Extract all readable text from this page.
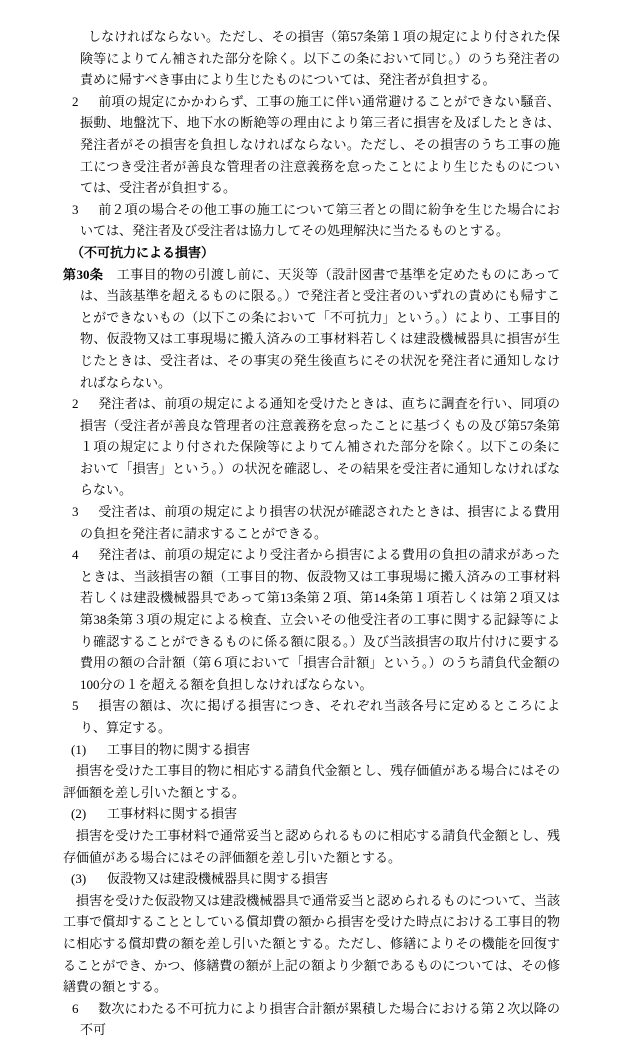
しなければならない。ただし、その損害（第57条第１項の規定により付された保険等によりてん補された部分を除く。以下この条において同じ。）のうち発注者の責めに帰すべき事由により生じたものについては、発注者が負担する。
2 前項の規定にかかわらず、工事の施工に伴い通常避けることができない騒音、振動、地盤沈下、地下水の断絶等の理由により第三者に損害を及ぼしたときは、発注者がその損害を負担しなければならない。ただし、その損害のうち工事の施工につき受注者が善良な管理者の注意義務を怠ったことにより生じたものについては、受注者が負担する。
3 前２項の場合その他工事の施工について第三者との間に紛争を生じた場合においては、発注者及び受注者は協力してその処理解決に当たるものとする。
（不可抗力による損害）
第30条 工事目的物の引渡し前に、天災等（設計図書で基準を定めたものにあっては、当該基準を超えるものに限る。）で発注者と受注者のいずれの責めにも帰すことができないもの（以下この条において「不可抗力」という。）により、工事目的物、仮設物又は工事現場に搬入済みの工事材料若しくは建設機械器具に損害が生じたときは、受注者は、その事実の発生後直ちにその状況を発注者に通知しなければならない。
2 発注者は、前項の規定による通知を受けたときは、直ちに調査を行い、同項の損害（受注者が善良な管理者の注意義務を怠ったことに基づくもの及び第57条第１項の規定により付された保険等によりてん補された部分を除く。以下この条において「損害」という。）の状況を確認し、その結果を受注者に通知しなければならない。
3 受注者は、前項の規定により損害の状況が確認されたときは、損害による費用の負担を発注者に請求することができる。
4 発注者は、前項の規定により受注者から損害による費用の負担の請求があったときは、当該損害の額（工事目的物、仮設物又は工事現場に搬入済みの工事材料若しくは建設機械器具であって第13条第２項、第14条第１項若しくは第２項又は第38条第３項の規定による検査、立会いその他受注者の工事に関する記録等により確認することができるものに係る額に限る。）及び当該損害の取片付けに要する費用の額の合計額（第６項において「損害合計額」という。）のうち請負代金額の100分の１を超える額を負担しなければならない。
5 損害の額は、次に掲げる損害につき、それぞれ当該各号に定めるところにより、算定する。
(1) 工事目的物に関する損害
損害を受けた工事目的物に相応する請負代金額とし、残存価値がある場合にはその評価額を差し引いた額とする。
(2) 工事材料に関する損害
損害を受けた工事材料で通常妥当と認められるものに相応する請負代金額とし、残存価値がある場合にはその評価額を差し引いた額とする。
(3) 仮設物又は建設機械器具に関する損害
損害を受けた仮設物又は建設機械器具で通常妥当と認められるものについて、当該工事で償却することとしている償却費の額から損害を受けた時点における工事目的物に相応する償却費の額を差し引いた額とする。ただし、修繕によりその機能を回復することができ、かつ、修繕費の額が上記の額より少額であるものについては、その修繕費の額とする。
6 数次にわたる不可抗力により損害合計額が累積した場合における第２次以降の不可
